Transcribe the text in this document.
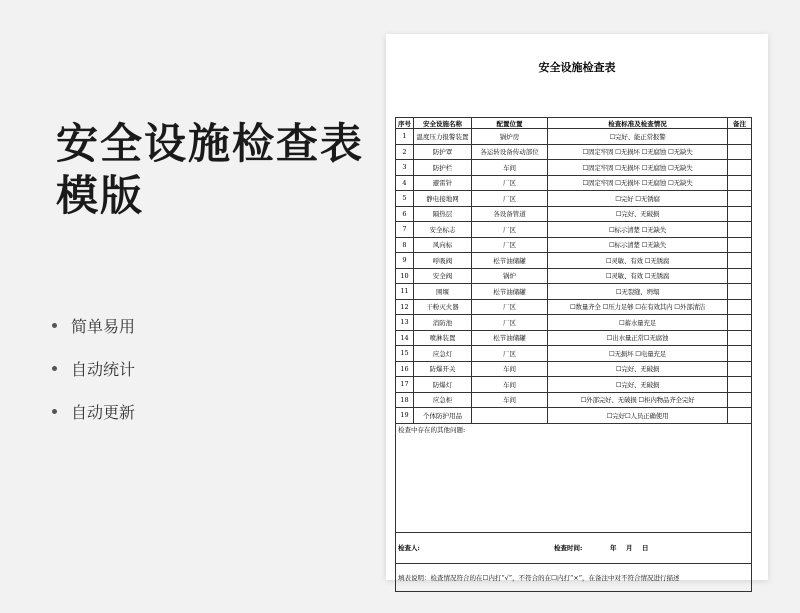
安全设施检查表
模版
简单易用
自动统计
自动更新
安全设施检查表
序号	安全设施名称	配置位置	检查标准及检查情况	备注
1	温度压力报警装置	锅炉房	☐完好、能正常报警	
2	防护罩	各运转设备传动部位	☐固定牢固 ☐无损坏 ☐无腐蚀 ☐无缺失	
3	防护栏	车间	☐固定牢固 ☐无损坏 ☐无腐蚀 ☐无缺失	
4	避雷针	厂区	☐固定牢固 ☐无损坏 ☐无腐蚀 ☐无缺失	
5	静电接地网	厂区	☐完好 ☐无锈腐	
6	隔热层	各设备管道	☐完好、无破损	
7	安全标志	厂区	☐标示清楚 ☐无缺失	
8	风向标	厂区	☐标示清楚 ☐无缺失	
9	呼吸阀	松节油储罐	☐灵敏、有效 ☐无锈腐	
10	安全阀	锅炉	☐灵敏、有效 ☐无锈腐	
11	围堰	松节油储罐	☐无裂缝、坍塌	
12	干粉灭火器	厂区	☐数量齐全 ☐压力足够 ☐在有效其内 ☐外部清洁	
13	消防池	厂区	☐蓄水量充足	
14	喷淋装置	松节油储罐	☐出水量正常☐无腐蚀	
15	应急灯	厂区	☐无损坏 ☐电量充足	
16	防爆开关	车间	☐完好、无破损	
17	防爆灯	车间	☐完好、无破损	
18	应急柜	车间	☐外部完好、无破损 ☐柜内物品齐全完好	
19	个体防护用品		☐完好☐人员正确使用	
检查中存在的其他问题:				

检查人: 检查时间: 年 月 日				

填表说明：检查情况符合的在☐内打“√”，不符合的在☐内打“×”，在备注中对不符合情况进行描述				
